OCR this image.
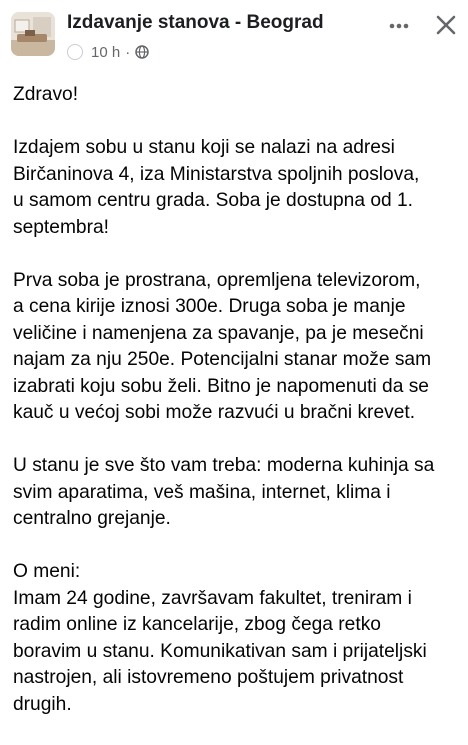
Izdavanje stanova - Beograd
10 h ·

Zdravo!

Izdajem sobu u stanu koji se nalazi na adresi
Birčaninova 4, iza Ministarstva spoljnih poslova,
u samom centru grada. Soba je dostupna od 1.
septembra!

Prva soba je prostrana, opremljena televizorom,
a cena kirije iznosi 300e. Druga soba je manje
veličine i namenjena za spavanje, pa je mesečni
najam za nju 250e. Potencijalni stanar može sam
izabrati koju sobu želi. Bitno je napomenuti da se
kauč u većoj sobi može razvući u bračni krevet.

U stanu je sve što vam treba: moderna kuhinja sa
svim aparatima, veš mašina, internet, klima i
centralno grejanje.

O meni:
Imam 24 godine, završavam fakultet, treniram i
radim online iz kancelarije, zbog čega retko
boravim u stanu. Komunikativan sam i prijateljski
nastrojen, ali istovremeno poštujem privatnost
drugih.
